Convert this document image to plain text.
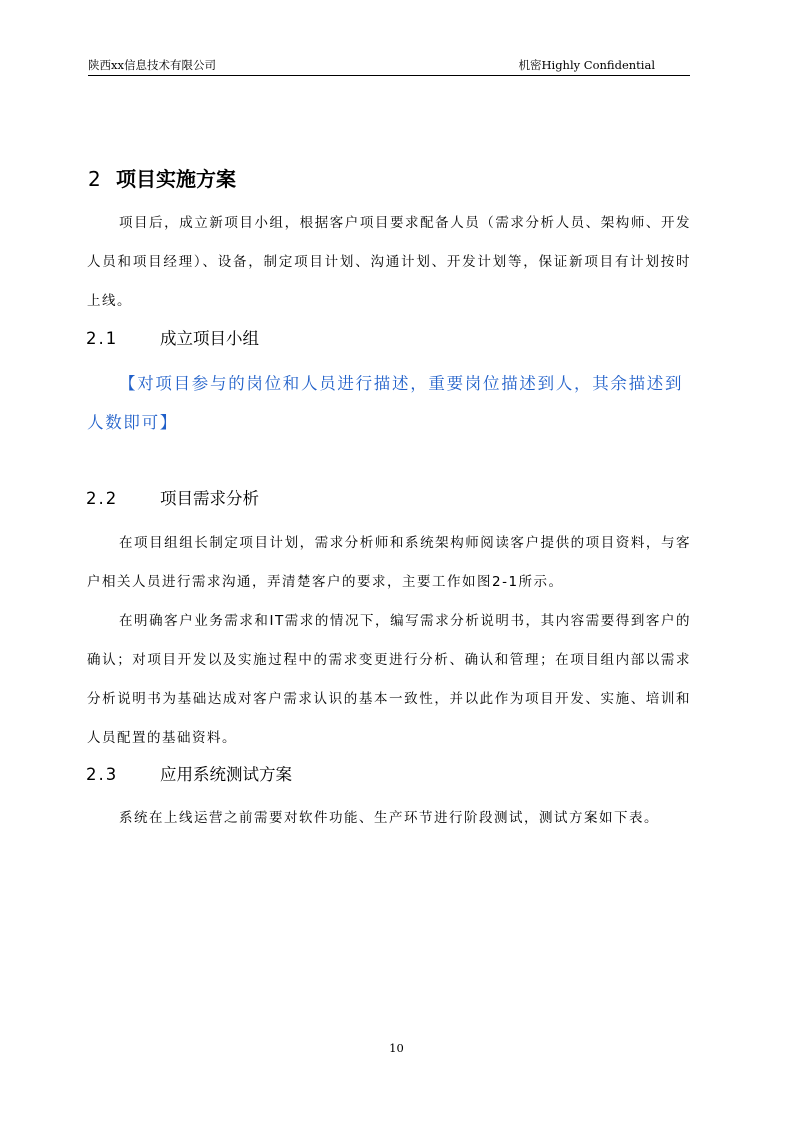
陕西xx信息技术有限公司	机密Highly Confidential
2 项目实施方案

项目后，成立新项目小组，根据客户项目要求配备人员（需求分析人员、架构师、开发人员和项目经理）、设备，制定项目计划、沟通计划、开发计划等，保证新项目有计划按时上线。

2.1	成立项目小组

【对项目参与的岗位和人员进行描述，重要岗位描述到人，其余描述到人数即可】

2.2	项目需求分析

在项目组组长制定项目计划，需求分析师和系统架构师阅读客户提供的项目资料，与客户相关人员进行需求沟通，弄清楚客户的要求，主要工作如图2-1所示。

在明确客户业务需求和IT需求的情况下，编写需求分析说明书，其内容需要得到客户的确认；对项目开发以及实施过程中的需求变更进行分析、确认和管理；在项目组内部以需求分析说明书为基础达成对客户需求认识的基本一致性，并以此作为项目开发、实施、培训和人员配置的基础资料。

2.3	应用系统测试方案

系统在上线运营之前需要对软件功能、生产环节进行阶段测试，测试方案如下表。

10
